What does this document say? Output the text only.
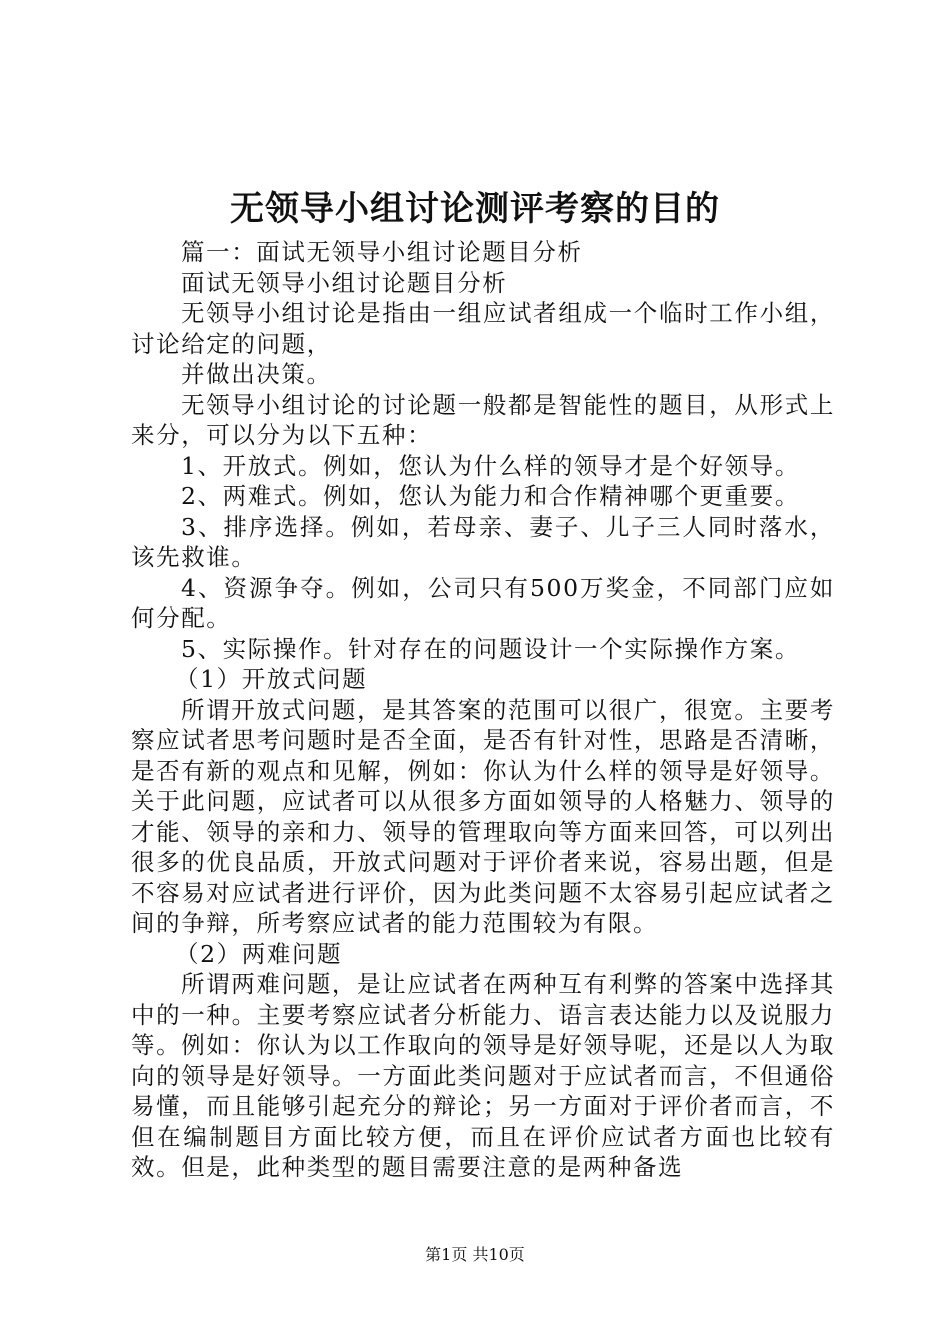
无领导小组讨论测评考察的目的

篇一：面试无领导小组讨论题目分析

面试无领导小组讨论题目分析

无领导小组讨论是指由一组应试者组成一个临时工作小组，讨论给定的问题，

并做出决策。

无领导小组讨论的讨论题一般都是智能性的题目，从形式上来分，可以分为以下五种：

1、开放式。例如，您认为什么样的领导才是个好领导。

2、两难式。例如，您认为能力和合作精神哪个更重要。

3、排序选择。例如，若母亲、妻子、儿子三人同时落水，该先救谁。

4、资源争夺。例如，公司只有500万奖金，不同部门应如何分配。

5、实际操作。针对存在的问题设计一个实际操作方案。

（1）开放式问题

所谓开放式问题，是其答案的范围可以很广，很宽。主要考察应试者思考问题时是否全面，是否有针对性，思路是否清晰，是否有新的观点和见解，例如：你认为什么样的领导是好领导。关于此问题，应试者可以从很多方面如领导的人格魅力、领导的才能、领导的亲和力、领导的管理取向等方面来回答，可以列出很多的优良品质，开放式问题对于评价者来说，容易出题，但是不容易对应试者进行评价，因为此类问题不太容易引起应试者之间的争辩，所考察应试者的能力范围较为有限。

（2）两难问题

所谓两难问题，是让应试者在两种互有利弊的答案中选择其中的一种。主要考察应试者分析能力、语言表达能力以及说服力等。例如：你认为以工作取向的领导是好领导呢，还是以人为取向的领导是好领导。一方面此类问题对于应试者而言，不但通俗易懂，而且能够引起充分的辩论；另一方面对于评价者而言，不但在编制题目方面比较方便，而且在评价应试者方面也比较有效。但是，此种类型的题目需要注意的是两种备选

第1页 共10页
